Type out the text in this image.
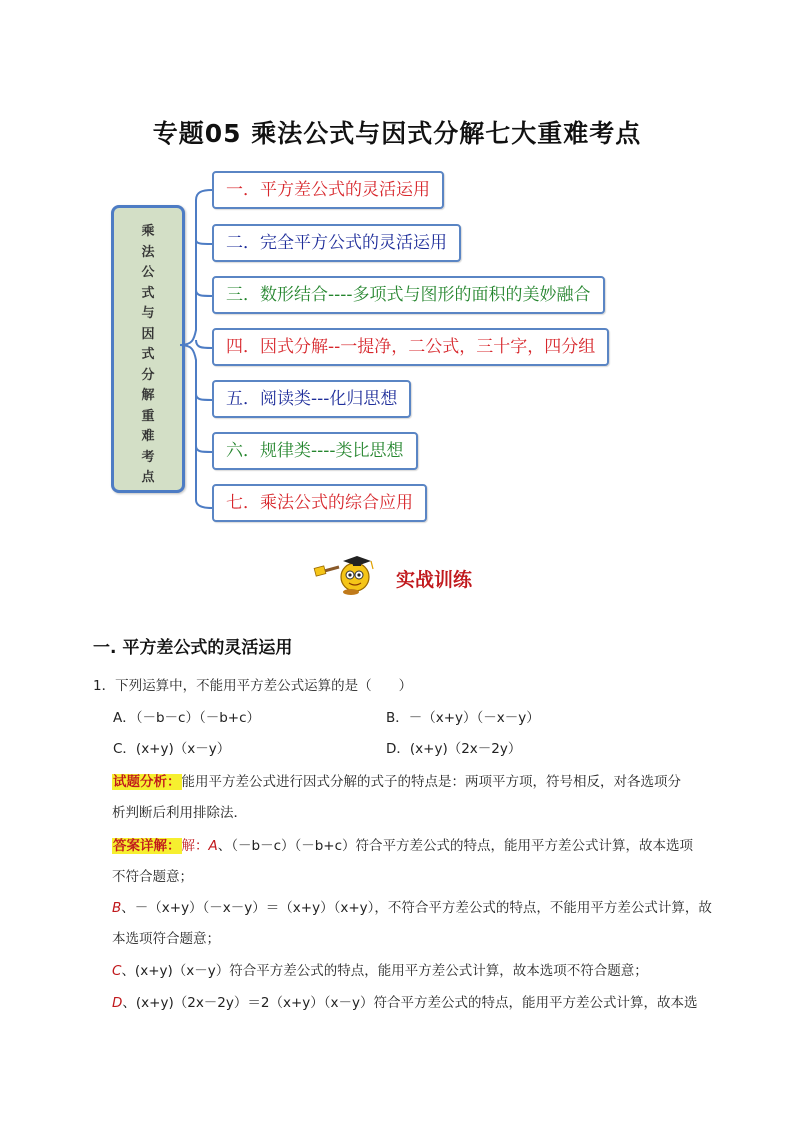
专题05 乘法公式与因式分解七大重难考点
乘
法
公
式
与
因
式
分
解
重
难
考
点
一．平方差公式的灵活运用
二．完全平方公式的灵活运用
三．数形结合----多项式与图形的面积的美妙融合
四．因式分解--一提净，二公式，三十字，四分组
五．阅读类---化归思想
六．规律类----类比思想
七．乘法公式的综合应用
实战训练
一. 平方差公式的灵活运用
1．下列运算中，不能用平方差公式运算的是（　　）
A．（－b－c）（－b+c）	B．－（x+y）（－x－y）
C．(x+y)（x－y）	D．(x+y)（2x－2y）
试题分析：能用平方差公式进行因式分解的式子的特点是：两项平方项，符号相反，对各选项分
析判断后利用排除法．
答案详解：解：A、（－b－c）（－b+c）符合平方差公式的特点，能用平方差公式计算，故本选项
不符合题意；
B、－（x+y）（－x－y）＝（x+y）（x+y），不符合平方差公式的特点，不能用平方差公式计算，故
本选项符合题意；
C、(x+y)（x－y）符合平方差公式的特点，能用平方差公式计算，故本选项不符合题意；
D、(x+y)（2x－2y）＝2（x+y）（x－y）符合平方差公式的特点，能用平方差公式计算，故本选
